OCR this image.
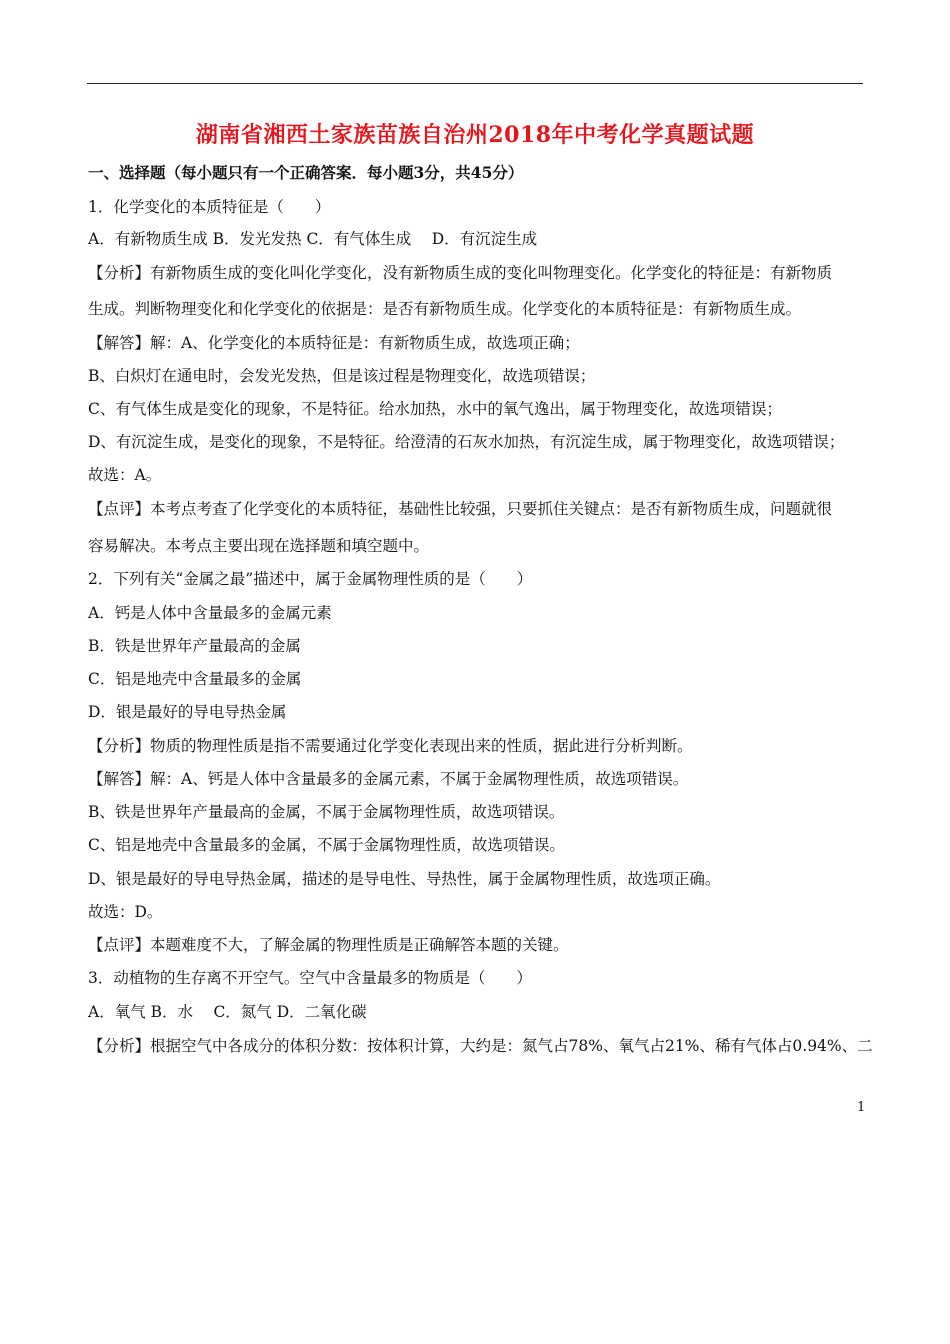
湖南省湘西土家族苗族自治州2018年中考化学真题试题
一、选择题（每小题只有一个正确答案．每小题3分，共45分）
1．化学变化的本质特征是（　　）
A．有新物质生成 B．发光发热 C．有气体生成　 D．有沉淀生成
【分析】有新物质生成的变化叫化学变化，没有新物质生成的变化叫物理变化。化学变化的特征是：有新物质
生成。判断物理变化和化学变化的依据是：是否有新物质生成。化学变化的本质特征是：有新物质生成。
【解答】解：A、化学变化的本质特征是：有新物质生成，故选项正确；
B、白炽灯在通电时，会发光发热，但是该过程是物理变化，故选项错误；
C、有气体生成是变化的现象，不是特征。给水加热，水中的氧气逸出，属于物理变化，故选项错误；
D、有沉淀生成，是变化的现象，不是特征。给澄清的石灰水加热，有沉淀生成，属于物理变化，故选项错误；
故选：A。
【点评】本考点考查了化学变化的本质特征，基础性比较强，只要抓住关键点：是否有新物质生成，问题就很
容易解决。本考点主要出现在选择题和填空题中。
2．下列有关“金属之最”描述中，属于金属物理性质的是（　　）
A．钙是人体中含量最多的金属元素
B．铁是世界年产量最高的金属
C．铝是地壳中含量最多的金属
D．银是最好的导电导热金属
【分析】物质的物理性质是指不需要通过化学变化表现出来的性质，据此进行分析判断。
【解答】解：A、钙是人体中含量最多的金属元素，不属于金属物理性质，故选项错误。
B、铁是世界年产量最高的金属，不属于金属物理性质，故选项错误。
C、铝是地壳中含量最多的金属，不属于金属物理性质，故选项错误。
D、银是最好的导电导热金属，描述的是导电性、导热性，属于金属物理性质，故选项正确。
故选：D。
【点评】本题难度不大，了解金属的物理性质是正确解答本题的关键。
3．动植物的生存离不开空气。空气中含量最多的物质是（　　）
A．氧气 B．水　 C．氮气 D．二氧化碳
【分析】根据空气中各成分的体积分数：按体积计算，大约是：氮气占78%、氧气占21%、稀有气体占0.94%、二
1
